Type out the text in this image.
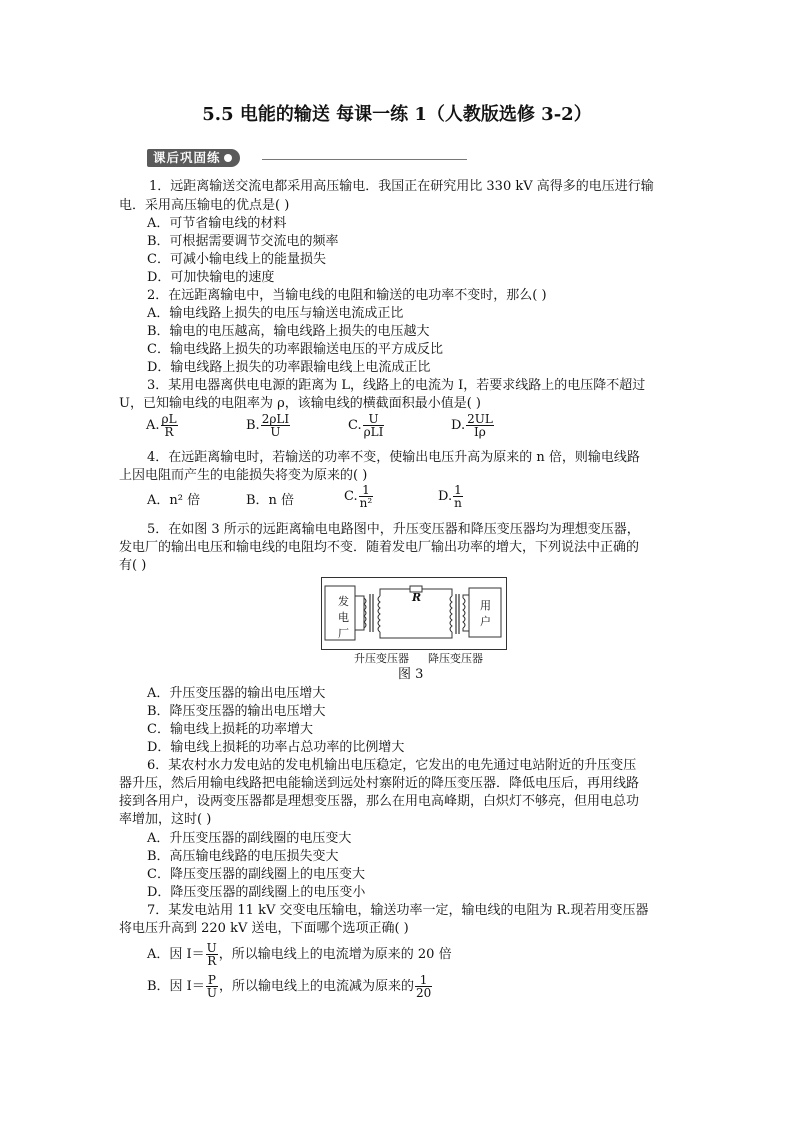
5.5 电能的输送 每课一练 1（人教版选修 3-2）
课后巩固练
1．远距离输送交流电都采用高压输电．我国正在研究用比 330 kV 高得多的电压进行输
电．采用高压输电的优点是( )
A．可节省输电线的材料
B．可根据需要调节交流电的频率
C．可减小输电线上的能量损失
D．可加快输电的速度
2．在远距离输电中，当输电线的电阻和输送的电功率不变时，那么( )
A．输电线路上损失的电压与输送电流成正比
B．输电的电压越高，输电线路上损失的电压越大
C．输电线路上损失的功率跟输送电压的平方成反比
D．输电线路上损失的功率跟输电线上电流成正比
3．某用电器离供电电源的距离为 L，线路上的电流为 I，若要求线路上的电压降不超过
U，已知输电线的电阻率为 ρ，该输电线的横截面积最小值是( )
A. $\frac{\rho L}{R}$	B. $\frac{\text{2ρLI}}{U}$	C. $\frac{U}{\text{ρLI}}$	D. $\frac{2UL}{I\rho}$
4．在远距离输电时，若输送的功率不变，使输出电压升高为原来的 n 倍，则输电线路
上因电阻而产生的电能损失将变为原来的( )
A．n² 倍	B．n 倍	C. $\frac{1}{\text{n²}}$	D. $\frac{1}{n}$
5．在如图 3 所示的远距离输电电路图中，升压变压器和降压变压器均为理想变压器，
发电厂的输出电压和输电线的电阻均不变．随着发电厂输出功率的增大，下列说法中正确的
有( )
发
电
厂
用
户
R
升压变压器 降压变压器
图 3
A．升压变压器的输出电压增大
B．降压变压器的输出电压增大
C．输电线上损耗的功率增大
D．输电线上损耗的功率占总功率的比例增大
6．某农村水力发电站的发电机输出电压稳定，它发出的电先通过电站附近的升压变压
器升压，然后用输电线路把电能输送到远处村寨附近的降压变压器．降低电压后，再用线路
接到各用户，设两变压器都是理想变压器，那么在用电高峰期，白炽灯不够亮，但用电总功
率增加，这时( )
A．升压变压器的副线圈的电压变大
B．高压输电线路的电压损失变大
C．降压变压器的副线圈上的电压变大
D．降压变压器的副线圈上的电压变小
7．某发电站用 11 kV 交变电压输电，输送功率一定，输电线的电阻为 R.现若用变压器
将电压升高到 220 kV 送电，下面哪个选项正确( )
A．因 $I= \frac{U}{R}$ ，所以输电线上的电流增为原来的 20 倍
B．因 $I= \frac{P}{U}$ ，所以输电线上的电流减为原来的 $\frac{1}{20}$
